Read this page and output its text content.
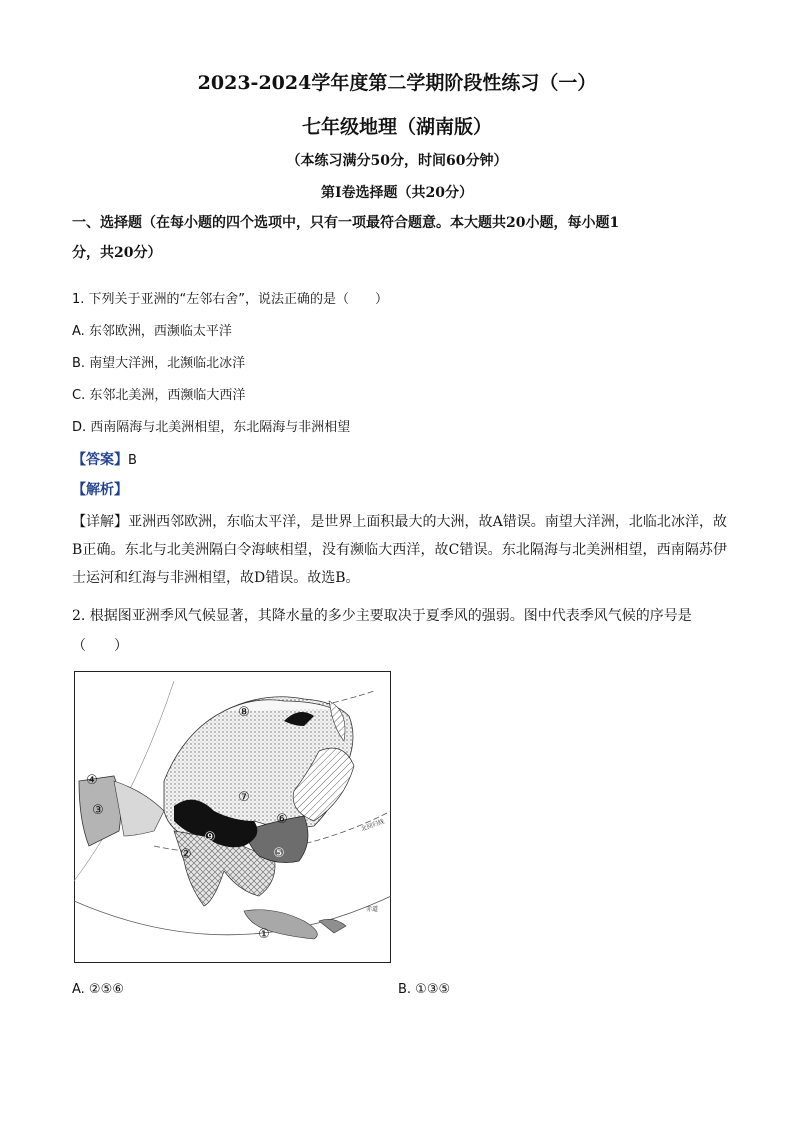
2023-2024学年度第二学期阶段性练习（一）
七年级地理（湖南版）
（本练习满分50分，时间60分钟）
第Ⅰ卷选择题（共20分）
一、选择题（在每小题的四个选项中，只有一项最符合题意。本大题共20小题，每小题1
分，共20分）
1. 下列关于亚洲的“左邻右舍”，说法正确的是（　　）
A. 东邻欧洲，西濒临太平洋
B. 南望大洋洲，北濒临北冰洋
C. 东邻北美洲，西濒临大西洋
D. 西南隔海与北美洲相望，东北隔海与非洲相望
【答案】B
【解析】
【详解】亚洲西邻欧洲，东临太平洋，是世界上面积最大的大洲，故A错误。南望大洋洲，北临北冰洋，故B正确。东北与北美洲隔白令海峡相望，没有濒临大西洋，故C错误。东北隔海与北美洲相望，西南隔苏伊士运河和红海与非洲相望，故D错误。故选B。
2. 根据图亚洲季风气候显著，其降水量的多少主要取决于夏季风的强弱。图中代表季风气候的序号是
（　　）
①
②
③
④
⑤
⑥
⑦
⑧
⑨
北回归线
赤道
A. ②⑤⑥	B. ①③⑤
